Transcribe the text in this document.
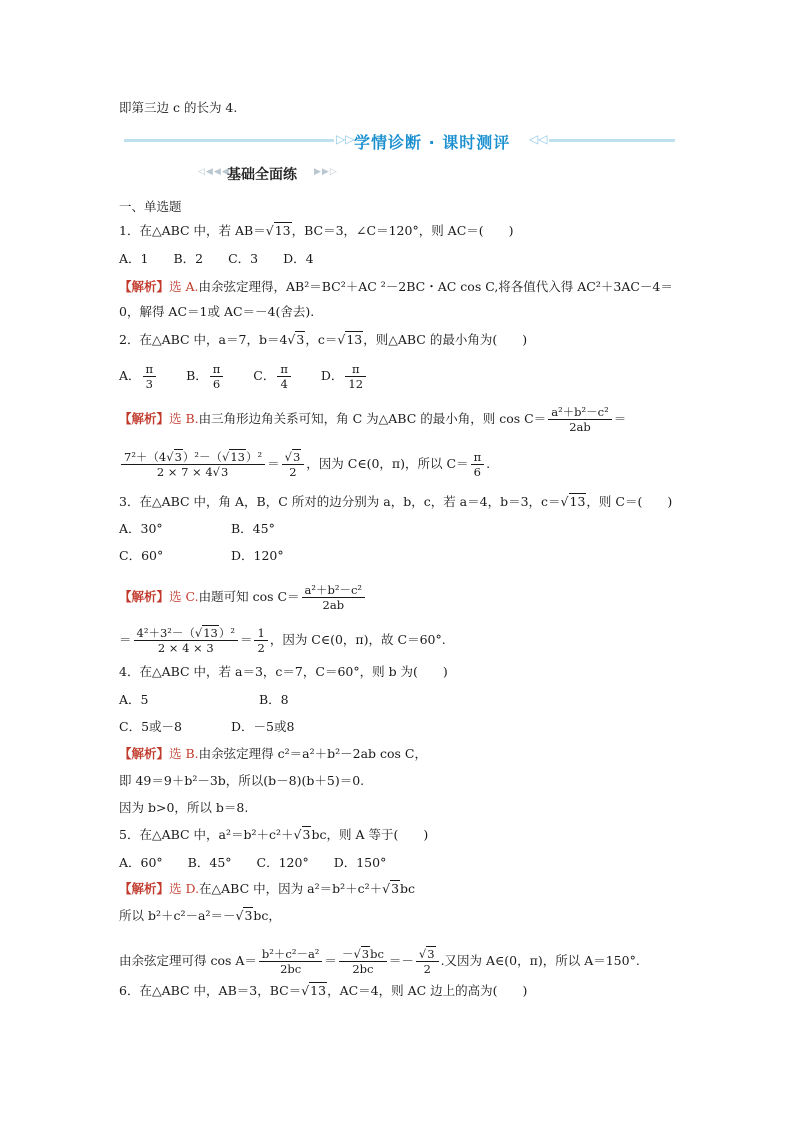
即第三边 c 的长为 4.
▷▷ 学情诊断 · 课时测评 ◁◁
◁◀◀◀
基础全面练 ▶▶▷
一、单选题
1．在△ABC 中，若 AB＝√13，BC＝3，∠C＝120°，则 AC＝(　　)
A．1　　B．2　　C．3　　D．4
【解析】选 A.由余弦定理得，AB²＝BC²＋AC ²－2BC・AC cos C,将各值代入得 AC²＋3AC－4＝
0，解得 AC＝1或 AC＝－4(舍去).
2．在△ABC 中，a＝7，b＝4√3，c＝√13，则△ABC 的最小角为(　　)
A． $\frac{\pi}{3}$ B． $\frac{\pi}{6}$ C． $\frac{\pi}{4}$ D． $\frac{\pi}{12}$
【解析】选 B.由三角形边角关系可知，角 C 为△ABC 的最小角，则 $\cos C= \frac{\text{a²＋b²－c²}}{2ab}$ ＝
$\frac{\text{7²＋（4√3）²－（√13）²}}{2 \times 7 \times 4√3} = \frac{√3}{2}$ ，因为 C∈(0，π)，所以 $C= \frac{\pi}{6}$ .
3．在△ABC 中，角 A，B，C 所对的边分别为 a，b，c，若 a＝4，b＝3，c＝√13，则 C＝(　　)
A．30°	B．45°
C．60°	D．120°
【解析】选 C.由题可知 $\cos C= \frac{\text{a²＋b²－c²}}{2ab}$
＝ $\frac{\text{4²＋3²－（√13）²}}{2 \times 4 \times 3} = \frac{1}{2}$ ，因为 C∈(0，π)，故 C＝60°.
4．在△ABC 中，若 a＝3，c＝7，C＝60°，则 b 为(　　)
A．5	B．8
C．5或－8	D．－5或8
【解析】选 B.由余弦定理得 c²＝a²＋b²－2ab cos C，
即 49＝9＋b²－3b，所以(b－8)(b＋5)＝0.
因为 b>0，所以 b＝8.
5．在△ABC 中，a²＝b²＋c²＋√3bc，则 A 等于(　　)
A．60°　　B．45°　　C．120°　　D．150°
【解析】选 D.在△ABC 中，因为 a²＝b²＋c²＋√3bc
所以 b²＋c²－a²＝－√3bc，
由余弦定理可得 $\cos A= \frac{\text{b²＋c²－a²}}{2bc} = \frac{-√3bc}{2bc} =- \frac{√3}{2}$ .又因为 A∈(0，π)，所以 A＝150°.
6．在△ABC 中，AB＝3，BC＝√13，AC＝4，则 AC 边上的高为(　　)
